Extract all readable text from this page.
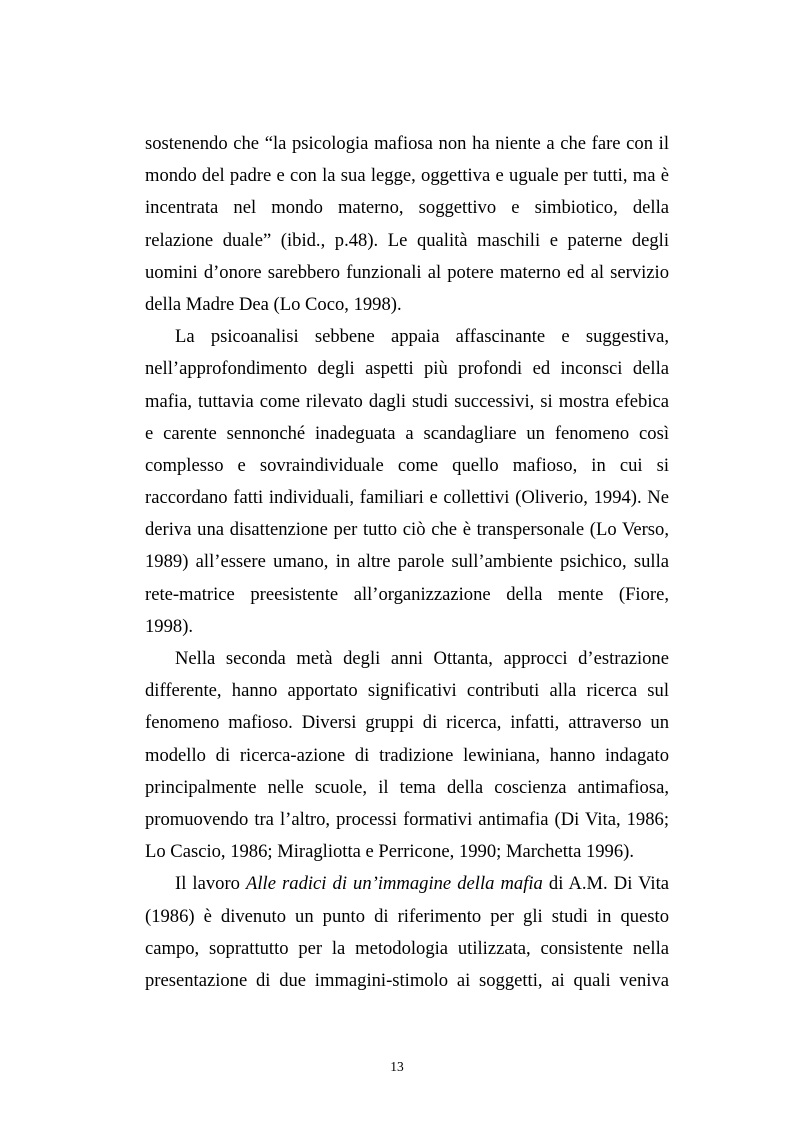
sostenendo che “la psicologia mafiosa non ha niente a che fare con il
mondo del padre e con la sua legge, oggettiva e uguale per tutti, ma è
incentrata nel mondo materno, soggettivo e simbiotico, della
relazione duale” (ibid., p.48). Le qualità maschili e paterne degli
uomini d’onore sarebbero funzionali al potere materno ed al servizio
della Madre Dea (Lo Coco, 1998).
La psicoanalisi sebbene appaia affascinante e suggestiva,
nell’approfondimento degli aspetti più profondi ed inconsci della
mafia, tuttavia come rilevato dagli studi successivi, si mostra efebica
e carente sennonché inadeguata a scandagliare un fenomeno così
complesso e sovraindividuale come quello mafioso, in cui si
raccordano fatti individuali, familiari e collettivi (Oliverio, 1994). Ne
deriva una disattenzione per tutto ciò che è transpersonale (Lo Verso,
1989) all’essere umano, in altre parole sull’ambiente psichico, sulla
rete-matrice preesistente all’organizzazione della mente (Fiore,
1998).
Nella seconda metà degli anni Ottanta, approcci d’estrazione
differente, hanno apportato significativi contributi alla ricerca sul
fenomeno mafioso. Diversi gruppi di ricerca, infatti, attraverso un
modello di ricerca-azione di tradizione lewiniana, hanno indagato
principalmente nelle scuole, il tema della coscienza antimafiosa,
promuovendo tra l’altro, processi formativi antimafia (Di Vita, 1986;
Lo Cascio, 1986; Miragliotta e Perricone, 1990; Marchetta 1996).
Il lavoro Alle radici di un’immagine della mafia di A.M. Di Vita
(1986) è divenuto un punto di riferimento per gli studi in questo
campo, soprattutto per la metodologia utilizzata, consistente nella
presentazione di due immagini-stimolo ai soggetti, ai quali veniva
13
